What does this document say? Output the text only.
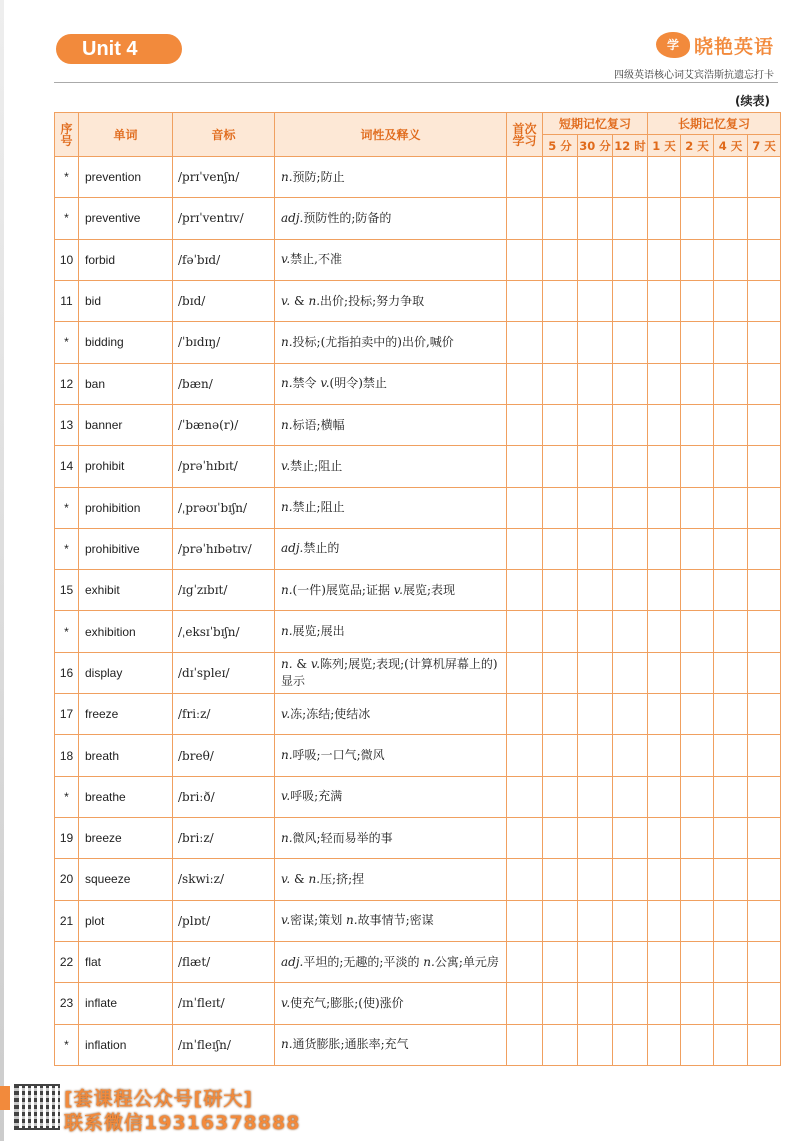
Unit 4	学 晓艳英语
四级英语核心词艾宾浩斯抗遗忘打卡
(续表)
序号	单词	音标	词性及释义	首次学习	短期记忆复习			长期记忆复习			
					5 分	30 分	12 时	1 天	2 天	4 天	7 天
*	prevention	/prɪˈvenʃn/	n.预防;防止								
*	preventive	/prɪˈventɪv/	adj.预防性的;防备的								
10	forbid	/fəˈbɪd/	v.禁止,不准								
11	bid	/bɪd/	v. & n.出价;投标;努力争取								
*	bidding	/ˈbɪdɪŋ/	n.投标;(尤指拍卖中的)出价,喊价								
12	ban	/bæn/	n.禁令 v.(明令)禁止								
13	banner	/ˈbænə(r)/	n.标语;横幅								
14	prohibit	/prəˈhɪbɪt/	v.禁止;阻止								
*	prohibition	/ˌprəʊɪˈbɪʃn/	n.禁止;阻止								
*	prohibitive	/prəˈhɪbətɪv/	adj.禁止的								
15	exhibit	/ɪgˈzɪbɪt/	n.(一件)展览品;证据 v.展览;表现								
*	exhibition	/ˌeksɪˈbɪʃn/	n.展览;展出								
16	display	/dɪˈspleɪ/	n. & v.陈列;展览;表现;(计算机屏幕上的)显示								
17	freeze	/friːz/	v.冻;冻结;使结冰								
18	breath	/breθ/	n.呼吸;一口气;微风								
*	breathe	/briːð/	v.呼吸;充满								
19	breeze	/briːz/	n.微风;轻而易举的事								
20	squeeze	/skwiːz/	v. & n.压;挤;捏								
21	plot	/plɒt/	v.密谋;策划 n.故事情节;密谋								
22	flat	/flæt/	adj.平坦的;无趣的;平淡的 n.公寓;单元房								
23	inflate	/ɪnˈfleɪt/	v.使充气;膨胀;(使)涨价								
*	inflation	/ɪnˈfleɪʃn/	n.通货膨胀;通胀率;充气								
[套课程公众号[研大]
联系微信19316378888
